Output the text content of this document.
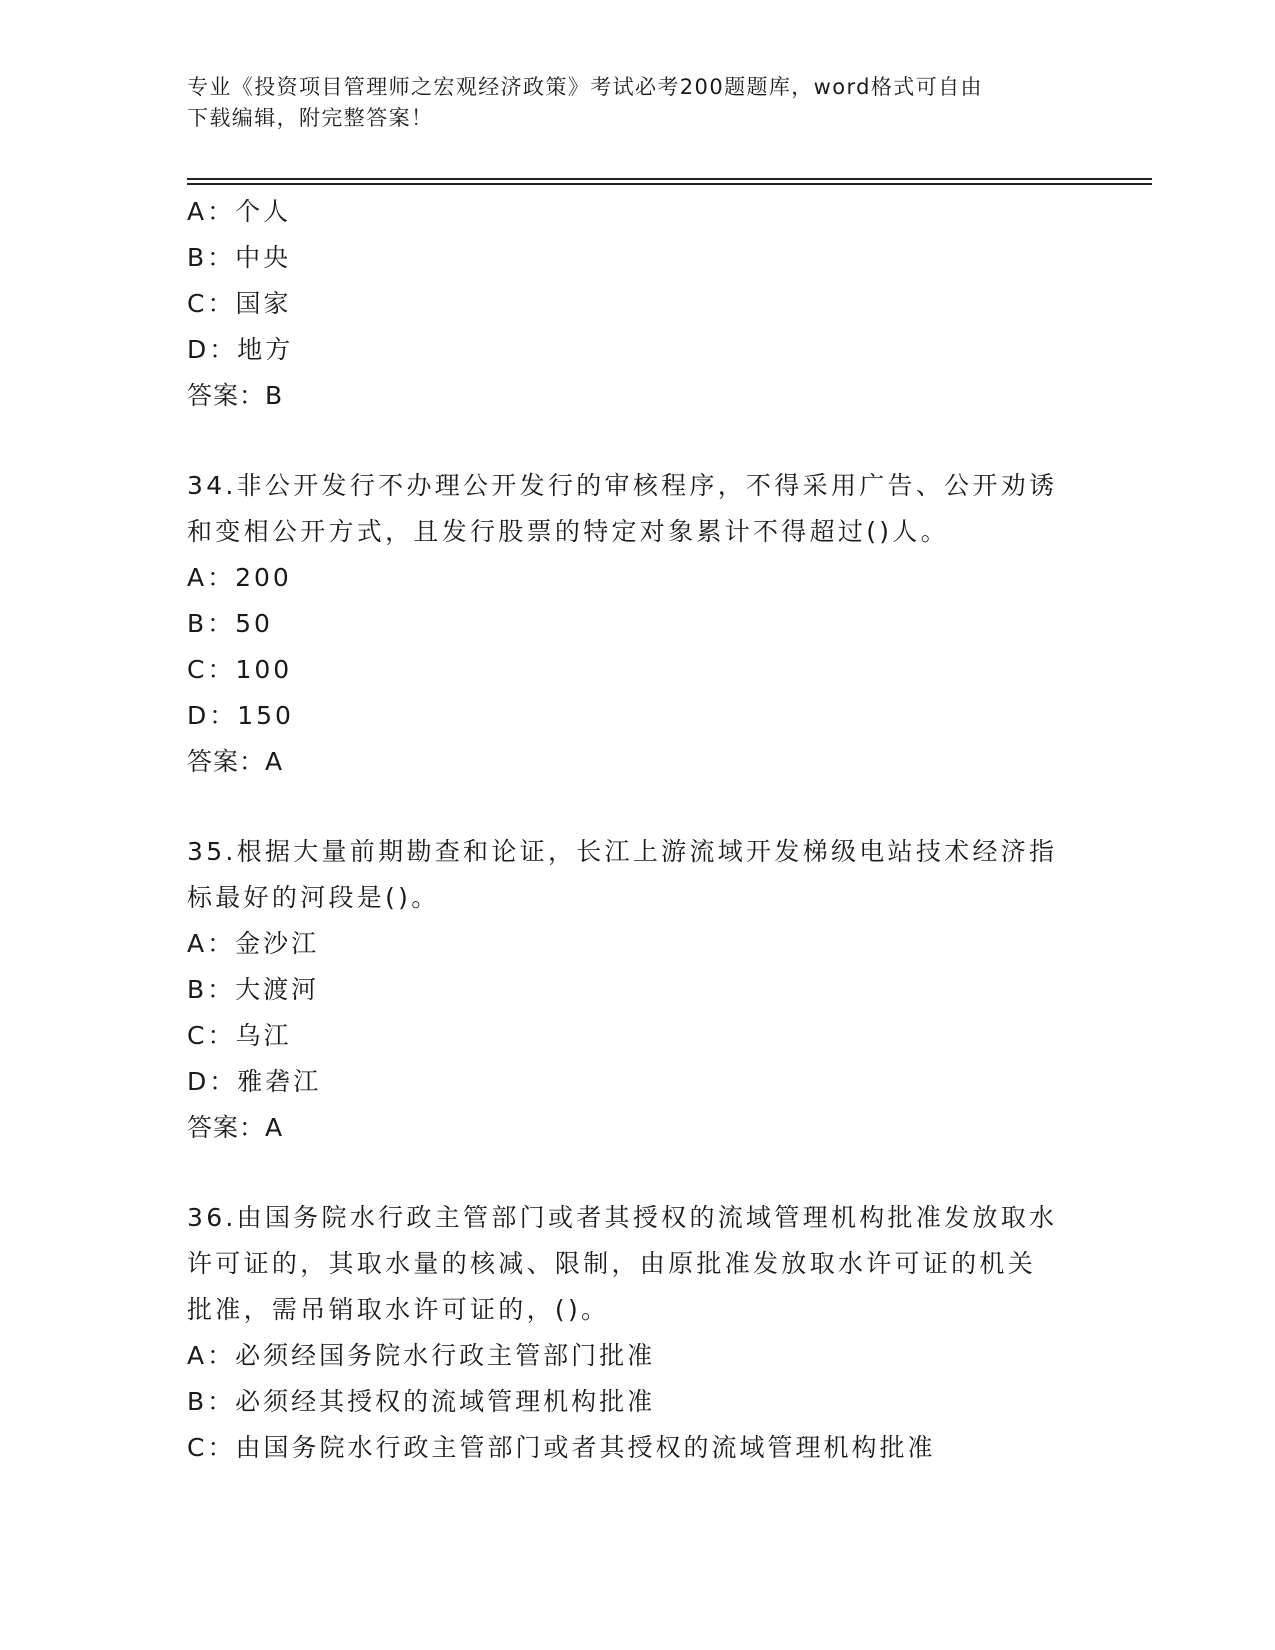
专业《投资项目管理师之宏观经济政策》考试必考200题题库，word格式可自由
下载编辑，附完整答案！
A：个人
B：中央
C：国家
D：地方
答案：B
34.非公开发行不办理公开发行的审核程序，不得采用广告、公开劝诱
和变相公开方式，且发行股票的特定对象累计不得超过()人。
A：200
B：50
C：100
D：150
答案：A
35.根据大量前期勘查和论证，长江上游流域开发梯级电站技术经济指
标最好的河段是()。
A：金沙江
B：大渡河
C：乌江
D：雅砻江
答案：A
36.由国务院水行政主管部门或者其授权的流域管理机构批准发放取水
许可证的，其取水量的核减、限制，由原批准发放取水许可证的机关
批准，需吊销取水许可证的，()。
A：必须经国务院水行政主管部门批准
B：必须经其授权的流域管理机构批准
C：由国务院水行政主管部门或者其授权的流域管理机构批准
